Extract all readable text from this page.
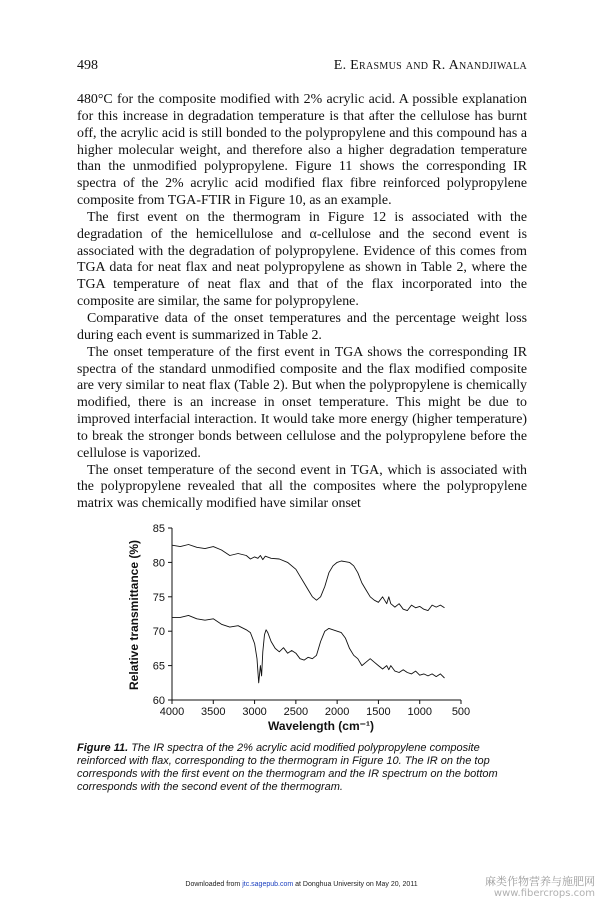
498	E. Erasmus and R. Anandjiwala

480°C for the composite modified with 2% acrylic acid. A possible explanation for this increase in degradation temperature is that after the cellulose has burnt off, the acrylic acid is still bonded to the polypropylene and this compound has a higher molecular weight, and therefore also a higher degradation temperature than the unmodified polypropylene. Figure 11 shows the corresponding IR spectra of the 2% acrylic acid modified flax fibre reinforced polypropylene composite from TGA-FTIR in Figure 10, as an example.

The first event on the thermogram in Figure 12 is associated with the degradation of the hemicellulose and α-cellulose and the second event is associated with the degradation of polypropylene. Evidence of this comes from TGA data for neat flax and neat polypropylene as shown in Table 2, where the TGA temperature of neat flax and that of the flax incorporated into the composite are similar, the same for polypropylene.

Comparative data of the onset temperatures and the percentage weight loss during each event is summarized in Table 2.

The onset temperature of the first event in TGA shows the corresponding IR spectra of the standard unmodified composite and the flax modified composite are very similar to neat flax (Table 2). But when the polypropylene is chemically modified, there is an increase in onset temperature. This might be due to improved interfacial interaction. It would take more energy (higher temperature) to break the stronger bonds between cellulose and the polypropylene before the cellulose is vaporized.

The onset temperature of the second event in TGA, which is associated with the polypropylene revealed that all the composites where the polypropylene matrix was chemically modified have similar onset

60
65
70
75
80
85
4000 3500 3000 2500 2000 1500 1000 500
Wavelength (cm⁻¹)
Relative transmittance (%)
Figure 11. The IR spectra of the 2% acrylic acid modified polypropylene composite reinforced with flax, corresponding to the thermogram in Figure 10. The IR on the top corresponds with the first event on the thermogram and the IR spectrum on the bottom corresponds with the second event of the thermogram.
Downloaded from jtc.sagepub.com at Donghua University on May 20, 2011	麻类作物营养与施肥网
www.fibercrops.com
